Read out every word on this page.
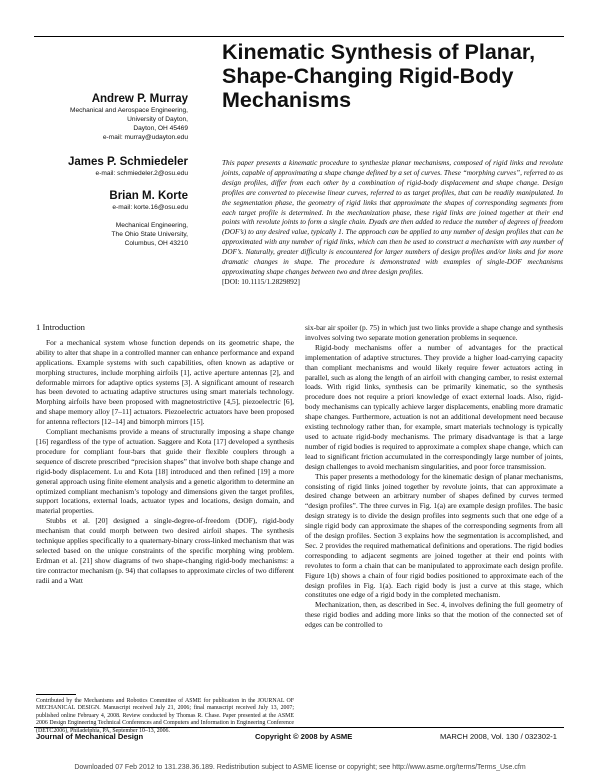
Kinematic Synthesis of Planar, Shape-Changing Rigid-Body Mechanisms
Andrew P. Murray
Mechanical and Aerospace Engineering,
University of Dayton,
Dayton, OH 45469
e-mail: murray@udayton.edu
James P. Schmiedeler
e-mail: schmiedeler.2@osu.edu
Brian M. Korte
e-mail: korte.16@osu.edu
Mechanical Engineering,
The Ohio State University,
Columbus, OH 43210
This paper presents a kinematic procedure to synthesize planar mechanisms, composed of rigid links and revolute joints, capable of approximating a shape change defined by a set of curves. These “morphing curves”, referred to as design profiles, differ from each other by a combination of rigid-body displacement and shape change. Design profiles are converted to piecewise linear curves, referred to as target profiles, that can be readily manipulated. In the segmentation phase, the geometry of rigid links that approximate the shapes of corresponding segments from each target profile is determined. In the mechanization phase, these rigid links are joined together at their end points with revolute joints to form a single chain. Dyads are then added to reduce the number of degrees of freedom (DOF’s) to any desired value, typically 1. The approach can be applied to any number of design profiles that can be approximated with any number of rigid links, which can then be used to construct a mechanism with any number of DOF’s. Naturally, greater difficulty is encountered for larger numbers of design profiles and/or links and for more dramatic changes in shape. The procedure is demonstrated with examples of single-DOF mechanisms approximating shape changes between two and three design profiles.
[DOI: 10.1115/1.2829892]
1 Introduction

For a mechanical system whose function depends on its geometric shape, the ability to alter that shape in a controlled manner can enhance performance and expand applications. Example systems with such capabilities, often known as adaptive or morphing structures, include morphing airfoils [1], active aperture antennas [2], and deformable mirrors for adaptive optics systems [3]. A significant amount of research has been devoted to actuating adaptive structures using smart materials technology. Morphing airfoils have been proposed with magnetostrictive [4,5], piezoelectric [6], and shape memory alloy [7–11] actuators. Piezoelectric actuators have been proposed for antenna reflectors [12–14] and bimorph mirrors [15].

Compliant mechanisms provide a means of structurally imposing a shape change [16] regardless of the type of actuation. Saggere and Kota [17] developed a synthesis procedure for compliant four-bars that guide their flexible couplers through a sequence of discrete prescribed “precision shapes” that involve both shape change and rigid-body displacement. Lu and Kota [18] introduced and then refined [19] a more general approach using finite element analysis and a genetic algorithm to determine an optimized compliant mechanism’s topology and dimensions given the target profiles, support locations, external loads, actuator types and locations, design domain, and material properties.

Stubbs et al. [20] designed a single-degree-of-freedom (DOF), rigid-body mechanism that could morph between two desired airfoil shapes. The synthesis technique applies specifically to a quaternary-binary cross-linked mechanism that was selected based on the unique constraints of the specific morphing wing problem. Erdman et al. [21] show diagrams of two shape-changing rigid-body mechanisms: a tire contractor mechanism (p. 94) that collapses to approximate circles of two different radii and a Watt

Contributed by the Mechanisms and Robotics Committee of ASME for publication in the JOURNAL OF MECHANICAL DESIGN. Manuscript received July 21, 2006; final manuscript received July 13, 2007; published online February 4, 2008. Review conducted by Thomas R. Chase. Paper presented at the ASME 2006 Design Engineering Technical Conferences and Computers and Information in Engineering Conference (DETC2006), Philadelphia, PA, September 10–13, 2006.

six-bar air spoiler (p. 75) in which just two links provide a shape change and synthesis involves solving two separate motion generation problems in sequence.

Rigid-body mechanisms offer a number of advantages for the practical implementation of adaptive structures. They provide a higher load-carrying capacity than compliant mechanisms and would likely require fewer actuators acting in parallel, such as along the length of an airfoil with changing camber, to resist external loads. With rigid links, synthesis can be primarily kinematic, so the synthesis procedure does not require a priori knowledge of exact external loads. Also, rigid-body mechanisms can typically achieve larger displacements, enabling more dramatic shape changes. Furthermore, actuation is not an additional development need because existing technology rather than, for example, smart materials technology is typically used to actuate rigid-body mechanisms. The primary disadvantage is that a large number of rigid bodies is required to approximate a complex shape change, which can lead to significant friction accumulated in the correspondingly large number of joints, design challenges to avoid mechanism singularities, and poor force transmission.

This paper presents a methodology for the kinematic design of planar mechanisms, consisting of rigid links joined together by revolute joints, that can approximate a desired change between an arbitrary number of shapes defined by curves termed “design profiles”. The three curves in Fig. 1(a) are example design profiles. The basic design strategy is to divide the design profiles into segments such that one edge of a single rigid body can approximate the shapes of the corresponding segments from all of the design profiles. Section 3 explains how the segmentation is accomplished, and Sec. 2 provides the required mathematical definitions and operations. The rigid bodies corresponding to adjacent segments are joined together at their end points with revolutes to form a chain that can be manipulated to approximate each design profile. Figure 1(b) shows a chain of four rigid bodies positioned to approximate each of the design profiles in Fig. 1(a). Each rigid body is just a curve at this stage, which constitutes one edge of a rigid body in the completed mechanism.

Mechanization, then, as described in Sec. 4, involves defining the full geometry of these rigid bodies and adding more links so that the motion of the connected set of edges can be controlled to

Journal of Mechanical Design	Copyright © 2008 by ASME	MARCH 2008, Vol. 130 / 032302-1
Downloaded 07 Feb 2012 to 131.238.36.189. Redistribution subject to ASME license or copyright; see http://www.asme.org/terms/Terms_Use.cfm
